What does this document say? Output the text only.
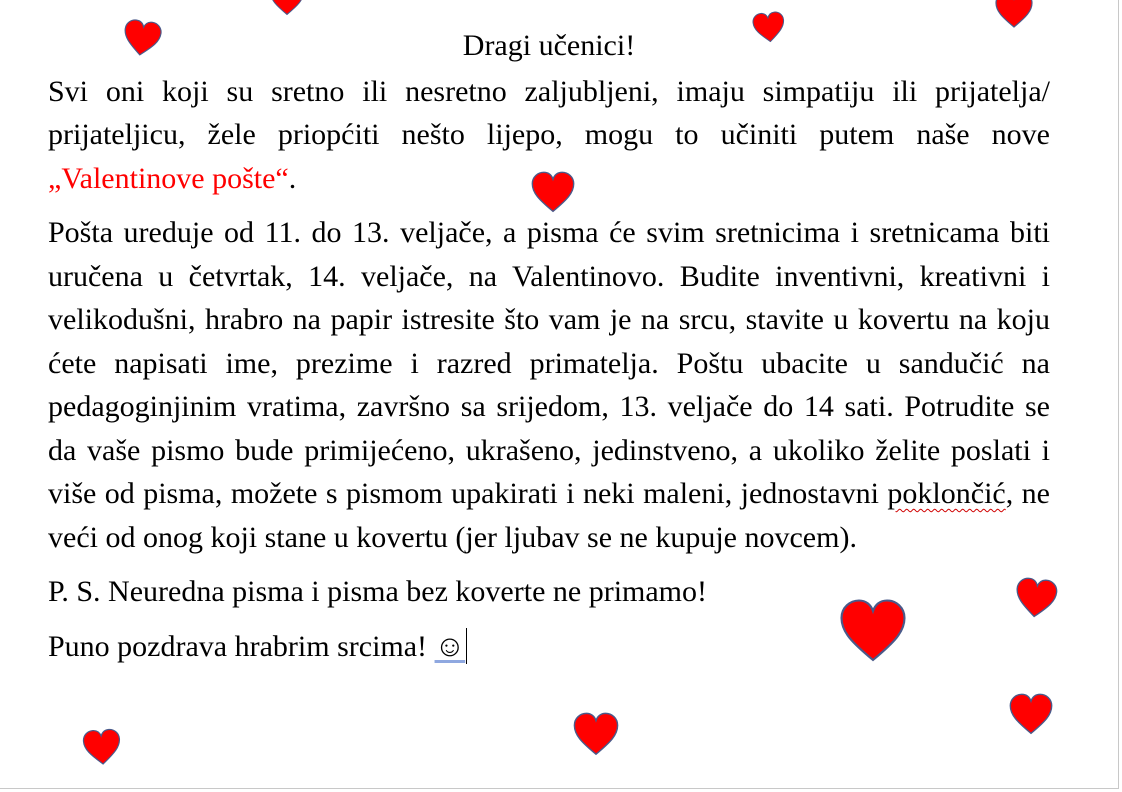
Dragi učenici!
Svi oni koji su sretno ili nesretno zaljubljeni, imaju simpatiju ili prijatelja/ prijateljicu, žele priopćiti nešto lijepo, mogu to učiniti putem naše nove „Valentinove pošte“.
Pošta ureduje od 11. do 13. veljače, a pisma će svim sretnicima i sretnicama biti uručena u četvrtak, 14. veljače, na Valentinovo. Budite inventivni, kreativni i velikodušni, hrabro na papir istresite što vam je na srcu, stavite u kovertu na koju ćete napisati ime, prezime i razred primatelja. Poštu ubacite u sandučić na pedagoginjinim vratima, završno sa srijedom, 13. veljače do 14 sati. Potrudite se da vaše pismo bude primijećeno, ukrašeno, jedinstveno, a ukoliko želite poslati i više od pisma, možete s pismom upakirati i neki maleni, jednostavni poklončić, ne veći od onog koji stane u kovertu (jer ljubav se ne kupuje novcem).
P. S. Neuredna pisma i pisma bez koverte ne primamo!
Puno pozdrava hrabrim srcima! ☺
